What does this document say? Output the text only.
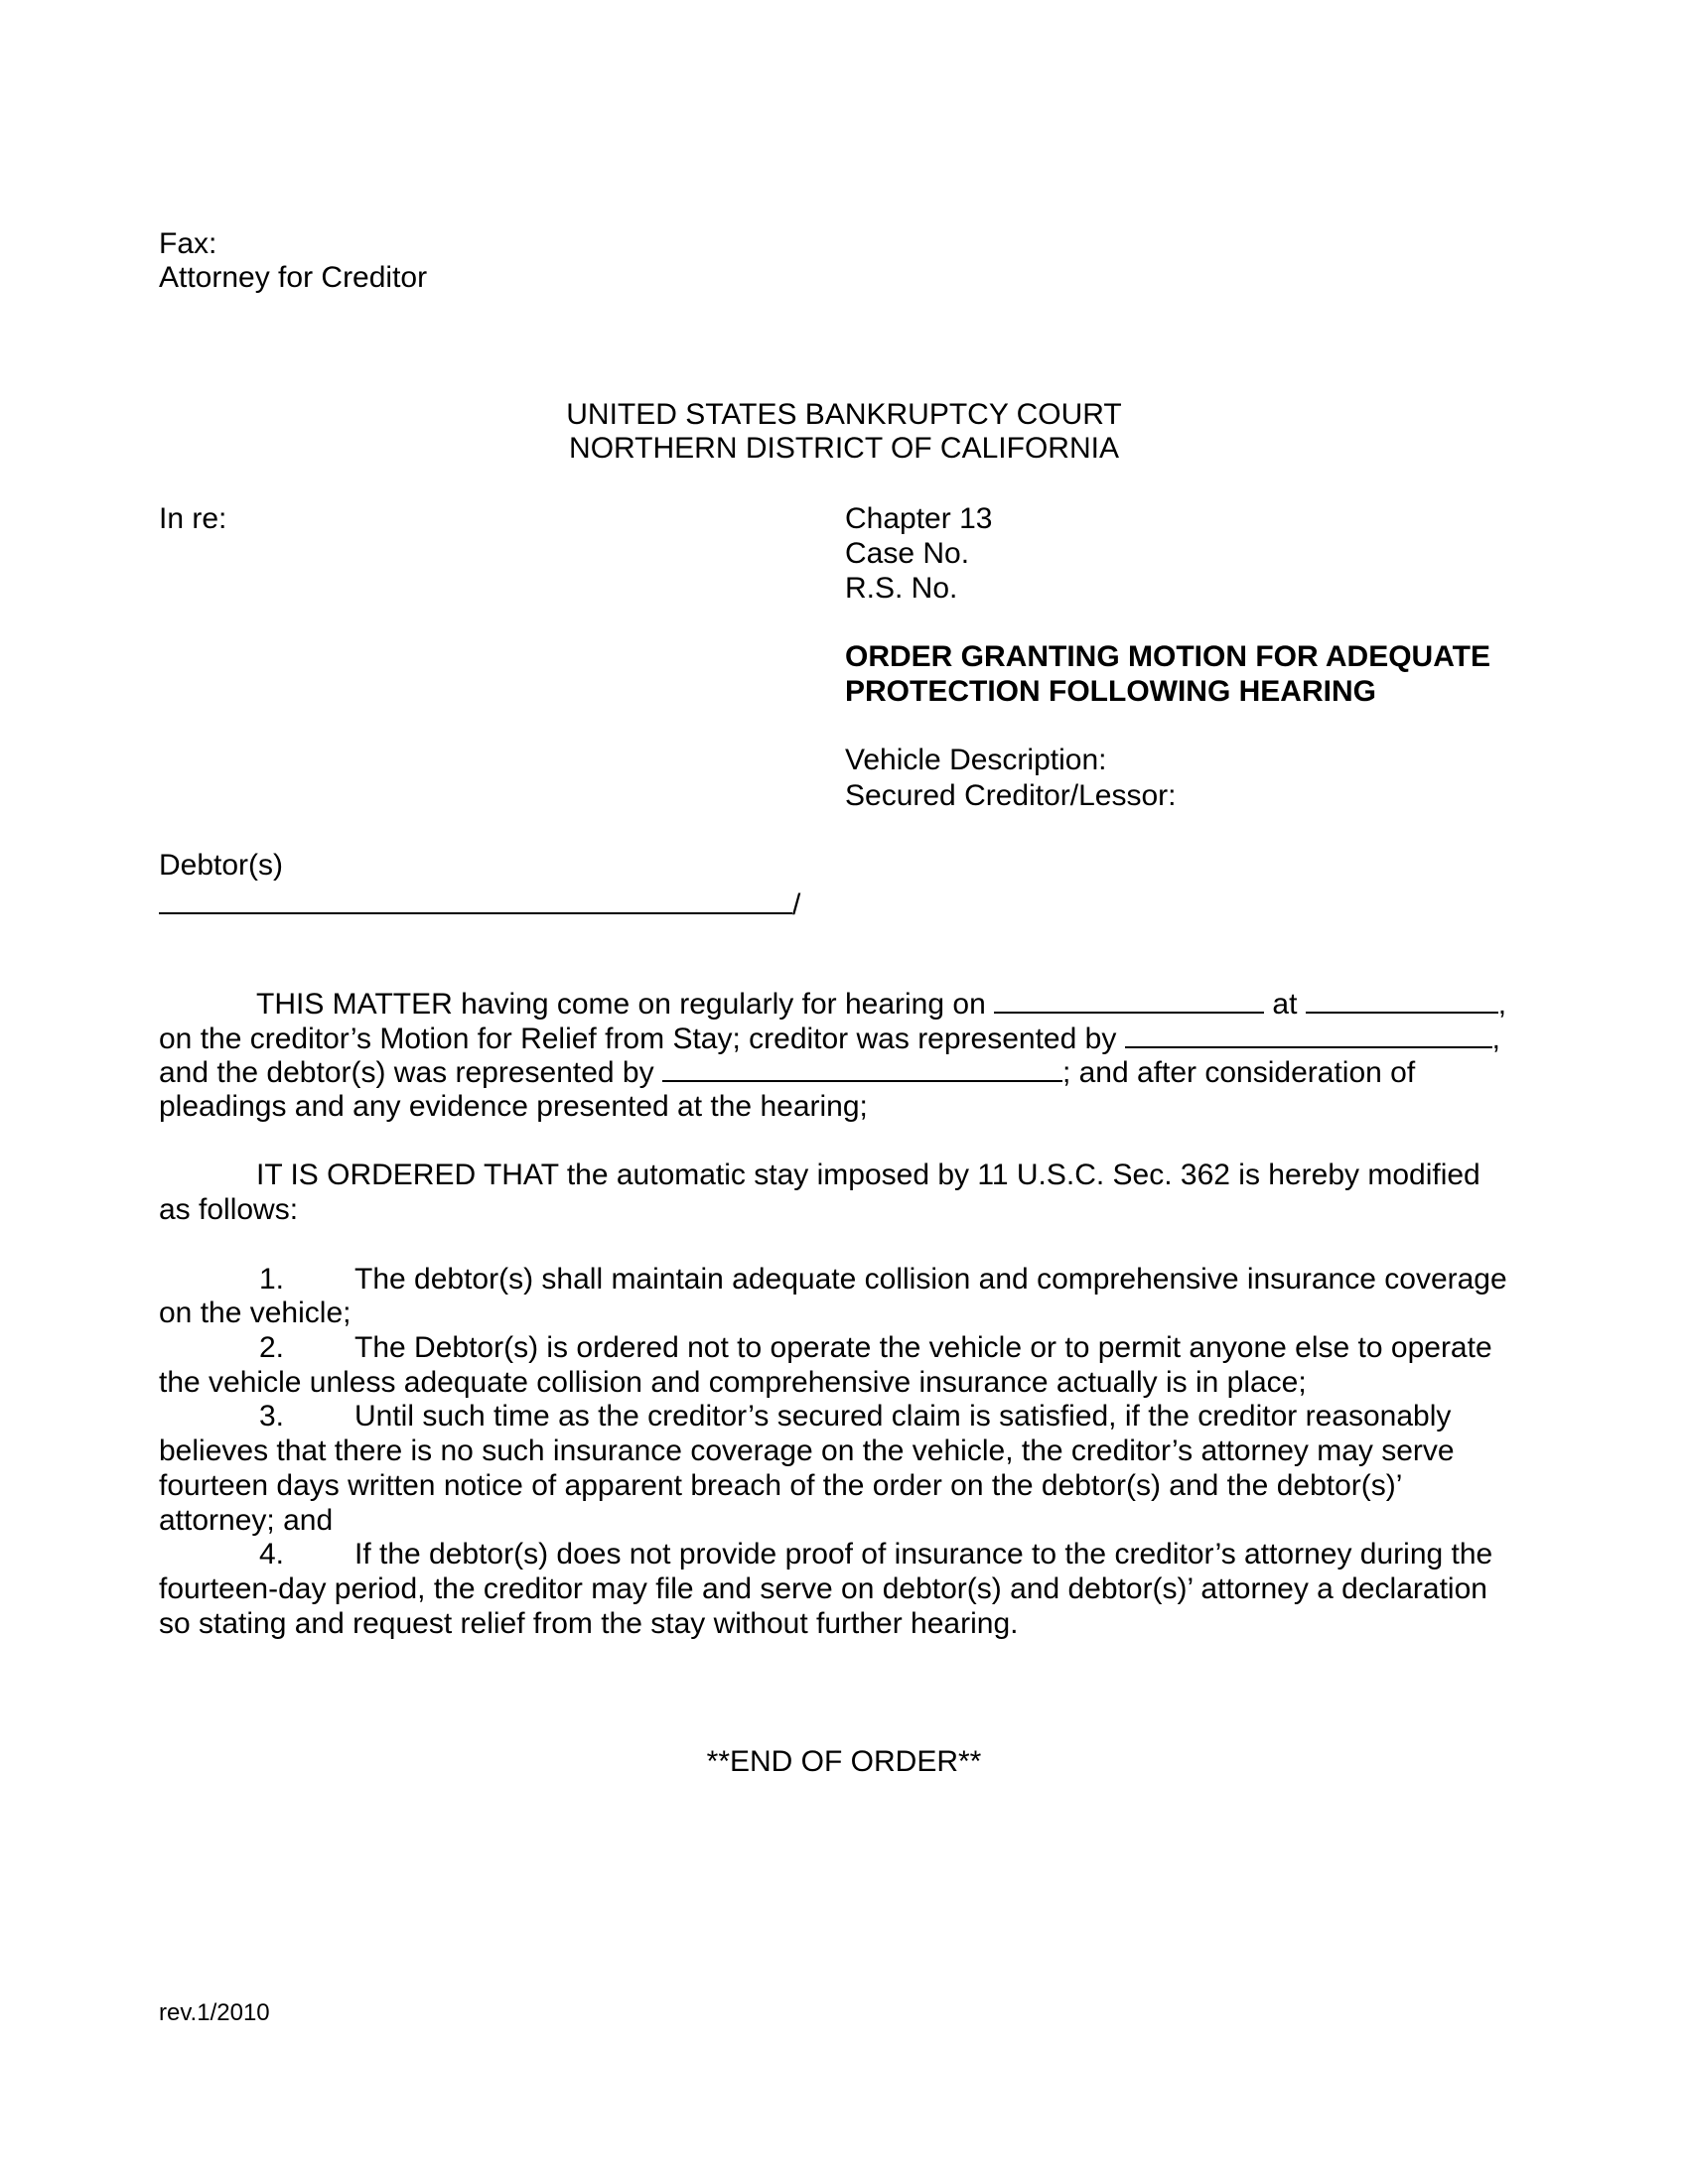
Fax:
Attorney for Creditor
UNITED STATES BANKRUPTCY COURT
NORTHERN DISTRICT OF CALIFORNIA
In re:	Chapter 13
Case No.
R.S. No.
ORDER GRANTING MOTION FOR ADEQUATE
PROTECTION FOLLOWING HEARING
Vehicle Description:
Secured Creditor/Lessor:
Debtor(s)
/
THIS MATTER having come on regularly for hearing on	at	,
on the creditor’s Motion for Relief from Stay; creditor was represented by	,
and the debtor(s) was represented by	; and after consideration of
pleadings and any evidence presented at the hearing;
IT IS ORDERED THAT the automatic stay imposed by 11 U.S.C. Sec. 362 is hereby modified
as follows:
1. The debtor(s) shall maintain adequate collision and comprehensive insurance coverage
on the vehicle;
2. The Debtor(s) is ordered not to operate the vehicle or to permit anyone else to operate
the vehicle unless adequate collision and comprehensive insurance actually is in place;
3. Until such time as the creditor’s secured claim is satisfied, if the creditor reasonably
believes that there is no such insurance coverage on the vehicle, the creditor’s attorney may serve
fourteen days written notice of apparent breach of the order on the debtor(s) and the debtor(s)’
attorney; and
4. If the debtor(s) does not provide proof of insurance to the creditor’s attorney during the
fourteen-day period, the creditor may file and serve on debtor(s) and debtor(s)’ attorney a declaration
so stating and request relief from the stay without further hearing.
**END OF ORDER**
rev.1/2010
